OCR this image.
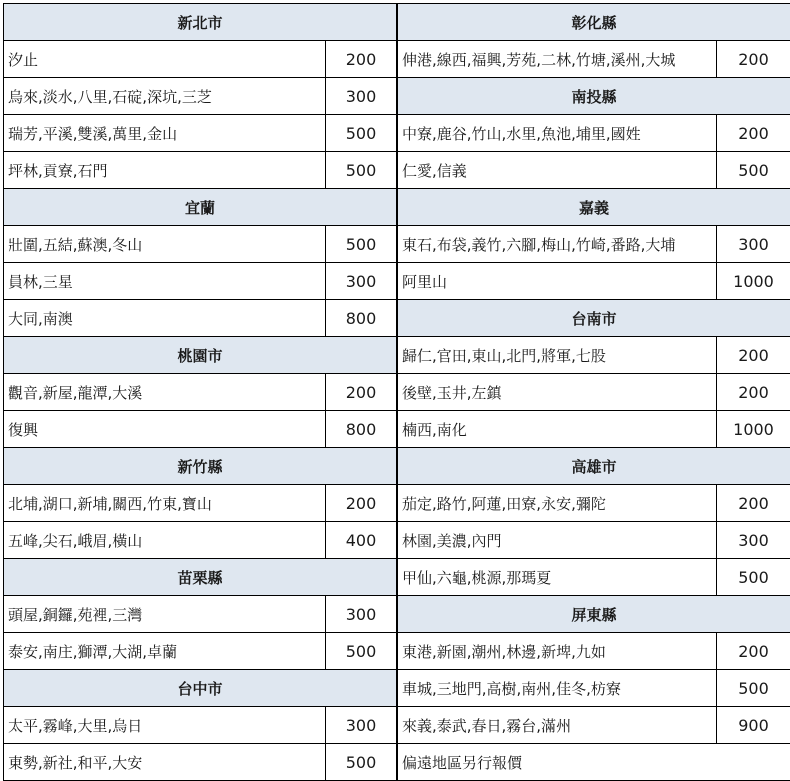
新北市
汐止	200
烏來,淡水,八里,石碇,深坑,三芝	300
瑞芳,平溪,雙溪,萬里,金山	500
坪林,貢寮,石門	500
宜蘭
壯圍,五結,蘇澳,冬山	500
員林,三星	300
大同,南澳	800
桃園市
觀音,新屋,龍潭,大溪	200
復興	800
新竹縣
北埔,湖口,新埔,關西,竹東,寶山	200
五峰,尖石,峨眉,橫山	400
苗栗縣
頭屋,銅鑼,苑裡,三灣	300
泰安,南庄,獅潭,大湖,卓蘭	500
台中市
太平,霧峰,大里,烏日	300
東勢,新社,和平,大安	500
彰化縣
伸港,線西,福興,芳苑,二林,竹塘,溪州,大城	200
南投縣
中寮,鹿谷,竹山,水里,魚池,埔里,國姓	200
仁愛,信義	500
嘉義
東石,布袋,義竹,六腳,梅山,竹崎,番路,大埔	300
阿里山	1000
台南市
歸仁,官田,東山,北門,將軍,七股	200
後壁,玉井,左鎮	200
楠西,南化	1000
高雄市
茄定,路竹,阿蓮,田寮,永安,彌陀	200
林園,美濃,內門	300
甲仙,六龜,桃源,那瑪夏	500
屏東縣
東港,新園,潮州,林邊,新埤,九如	200
車城,三地門,高樹,南州,佳冬,枋寮	500
來義,泰武,春日,霧台,滿州	900
偏遠地區另行報價
